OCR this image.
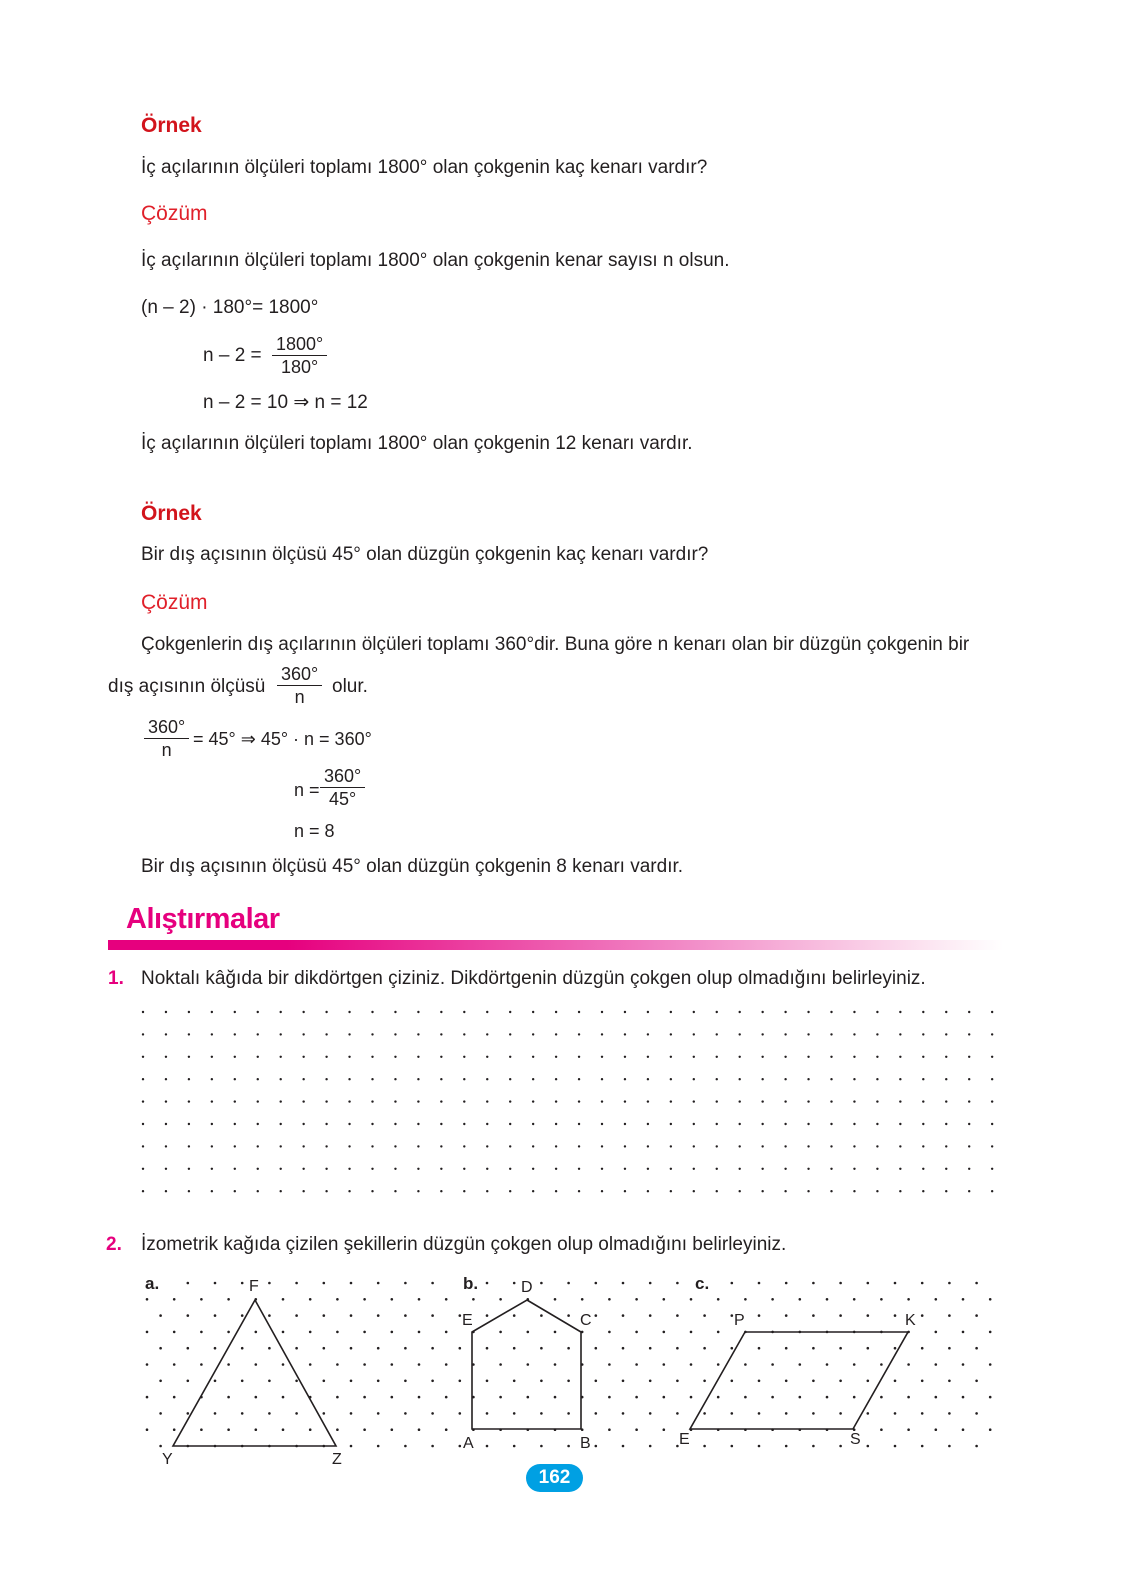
Örnek
İç açılarının ölçüleri toplamı 1800° olan çokgenin kaç kenarı vardır?
Çözüm
İç açılarının ölçüleri toplamı 1800° olan çokgenin kenar sayısı n olsun.
(n – 2) · 180°= 1800°
$n - 2 = \frac{1800^\circ}{180^\circ}$
n – 2 = 10 ⇒ n = 12
İç açılarının ölçüleri toplamı 1800° olan çokgenin 12 kenarı vardır.
Örnek
Bir dış açısının ölçüsü 45° olan düzgün çokgenin kaç kenarı vardır?
Çözüm
Çokgenlerin dış açılarının ölçüleri toplamı 360°dir. Buna göre n kenarı olan bir düzgün çokgenin bir
dış açısının ölçüsü $\frac{360^\circ}{n}$ olur.
$\frac{360^\circ}{n} = 45^\circ$ ⇒ 45° · n = 360°
$n = \frac{360^\circ}{45^\circ}$
n = 8
Bir dış açısının ölçüsü 45° olan düzgün çokgenin 8 kenarı vardır.
Alıştırmalar
1. Noktalı kâğıda bir dikdörtgen çiziniz. Dikdörtgenin düzgün çokgen olup olmadığını belirleyiniz.
2. İzometrik kağıda çizilen şekillerin düzgün çokgen olup olmadığını belirleyiniz.
a.	b.	c.
F
Y	Z
D
E	C
A	B
P	K
E	S
162
